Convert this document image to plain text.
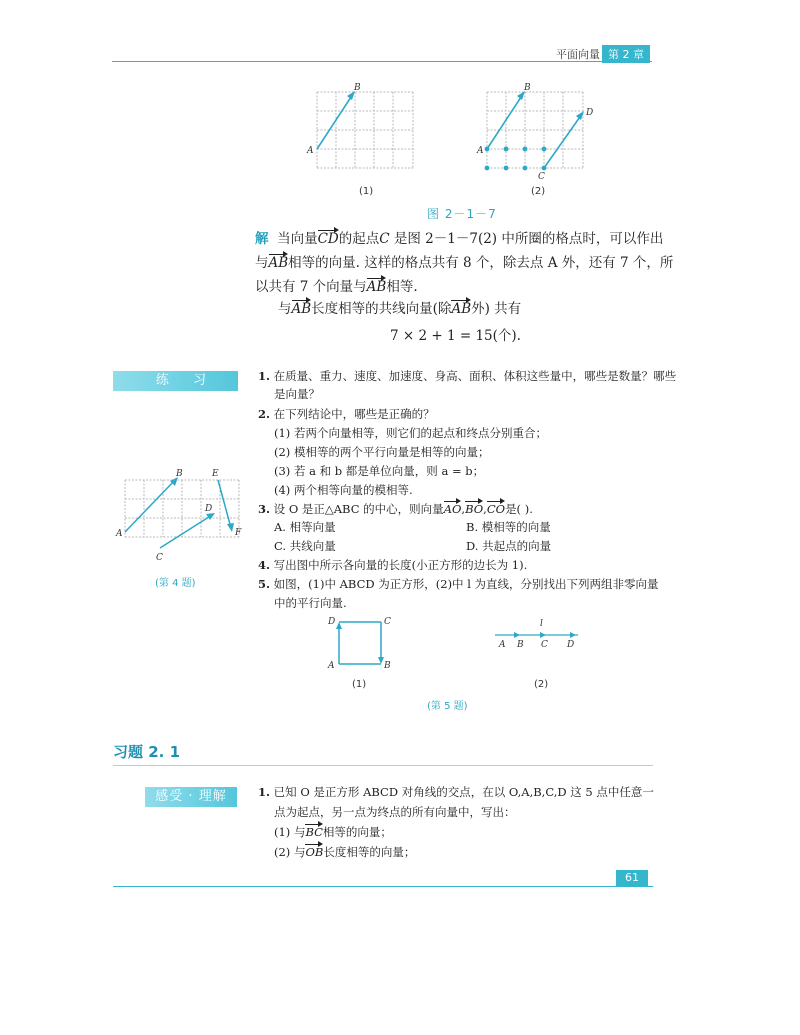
平面向量 第 2 章
A
B
(1)
A
B
C
D
(2)
图 2－1－7
解 当向量CD的起点C 是图 2－1－7(2) 中所圈的格点时，可以作出
与AB相等的向量. 这样的格点共有 8 个，除去点 A 外，还有 7 个，所
以共有 7 个向量与AB相等.
与AB长度相等的共线向量(除AB外) 共有
7 × 2 + 1 = 15(个).
练 习	1. 在质量、重力、速度、加速度、身高、面积、体积这些量中，哪些是数量？哪些
是向量？
2. 在下列结论中，哪些是正确的？
(1) 若两个向量相等，则它们的起点和终点分别重合；
(2) 模相等的两个平行向量是相等的向量；
(3) 若 a 和 b 都是单位向量，则 a = b；
(4) 两个相等向量的模相等.
3. 设 O 是正△ABC 的中心，则向量AO,BO,CO是( ).
A. 相等向量	B. 模相等的向量
C. 共线向量	D. 共起点的向量
4. 写出图中所示各向量的长度(小正方形的边长为 1).
5. 如图，(1)中 ABCD 为正方形，(2)中 l 为直线，分别找出下列两组非零向量
中的平行向量.
A
B
C
D
E
F
(第 4 题)
D	C
A	B
(1)
l
A B C D
(2)
(第 5 题)
习题 2. 1
感受 · 理解	1. 已知 O 是正方形 ABCD 对角线的交点，在以 O,A,B,C,D 这 5 点中任意一
点为起点，另一点为终点的所有向量中，写出：
(1) 与BC相等的向量；
(2) 与OB长度相等的向量；
61
